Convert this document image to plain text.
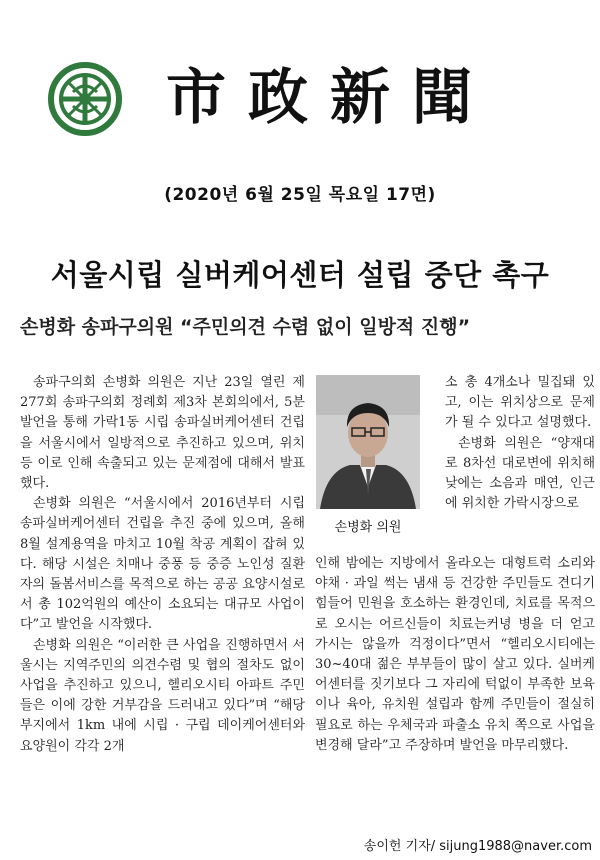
市政新聞
(2020년 6월 25일 목요일 17면)
서울시립 실버케어센터 설립 중단 촉구
손병화 송파구의원 “주민의견 수렴 없이 일방적 진행”

송파구의회 손병화 의원은 지난 23일 열린 제277회 송파구의회 정례회 제3차 본회의에서, 5분 발언을 통해 가락1동 시립 송파실버케어센터 건립을 서울시에서 일방적으로 추진하고 있으며, 위치 등 이로 인해 속출되고 있는 문제점에 대해서 발표했다.

손병화 의원은 “서울시에서 2016년부터 시립 송파실버케어센터 건립을 추진 중에 있으며, 올해 8월 설계용역을 마치고 10월 착공 계획이 잡혀 있다. 해당 시설은 치매나 중풍 등 중증 노인성 질환자의 돌봄서비스를 목적으로 하는 공공 요양시설로서 총 102억원의 예산이 소요되는 대규모 사업이다”고 발언을 시작했다.

손병화 의원은 “이러한 큰 사업을 진행하면서 서울시는 지역주민의 의견수렴 및 협의 절차도 없이 사업을 추진하고 있으니, 헬리오시티 아파트 주민들은 이에 강한 거부감을 드러내고 있다”며 “해당 부지에서 1km 내에 시립 · 구립 데이케어센터와 요양원이 각각 2개

손병화 의원

소 총 4개소나 밀집돼 있고, 이는 위치상으로 문제가 될 수 있다고 설명했다.

손병화 의원은 “양재대로 8차선 대로변에 위치해 낮에는 소음과 매연, 인근에 위치한 가락시장으로

인해 밤에는 지방에서 올라오는 대형트럭 소리와 야채 · 과일 썩는 냄새 등 건강한 주민들도 견디기 힘들어 민원을 호소하는 환경인데, 치료를 목적으로 오시는 어르신들이 치료는커녕 병을 더 얻고 가시는 않을까 걱정이다”면서 “헬리오시티에는 30~40대 젊은 부부들이 많이 살고 있다. 실버케어센터를 짓기보다 그 자리에 턱없이 부족한 보육이나 육아, 유치원 설립과 함께 주민들이 절실히 필요로 하는 우체국과 파출소 유치 쪽으로 사업을 변경해 달라”고 주장하며 발언을 마무리했다.

송이헌 기자/ sijung1988@naver.com
